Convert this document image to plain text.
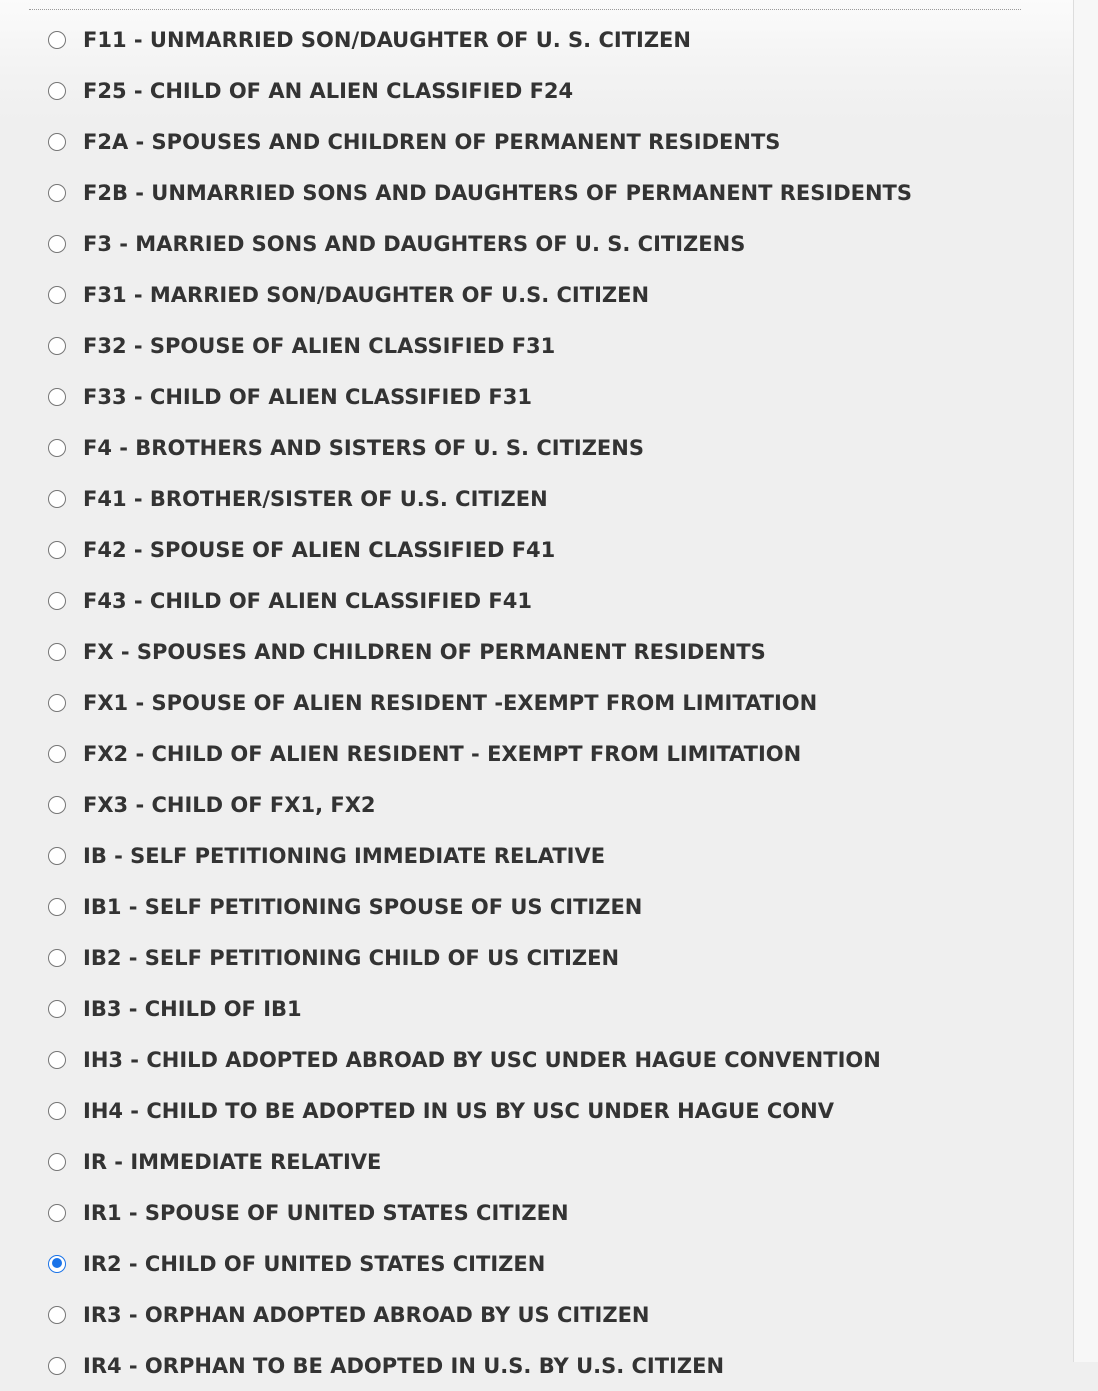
F11 - UNMARRIED SON/DAUGHTER OF U. S. CITIZEN
F25 - CHILD OF AN ALIEN CLASSIFIED F24
F2A - SPOUSES AND CHILDREN OF PERMANENT RESIDENTS
F2B - UNMARRIED SONS AND DAUGHTERS OF PERMANENT RESIDENTS
F3 - MARRIED SONS AND DAUGHTERS OF U. S. CITIZENS
F31 - MARRIED SON/DAUGHTER OF U.S. CITIZEN
F32 - SPOUSE OF ALIEN CLASSIFIED F31
F33 - CHILD OF ALIEN CLASSIFIED F31
F4 - BROTHERS AND SISTERS OF U. S. CITIZENS
F41 - BROTHER/SISTER OF U.S. CITIZEN
F42 - SPOUSE OF ALIEN CLASSIFIED F41
F43 - CHILD OF ALIEN CLASSIFIED F41
FX - SPOUSES AND CHILDREN OF PERMANENT RESIDENTS
FX1 - SPOUSE OF ALIEN RESIDENT -EXEMPT FROM LIMITATION
FX2 - CHILD OF ALIEN RESIDENT - EXEMPT FROM LIMITATION
FX3 - CHILD OF FX1, FX2
IB - SELF PETITIONING IMMEDIATE RELATIVE
IB1 - SELF PETITIONING SPOUSE OF US CITIZEN
IB2 - SELF PETITIONING CHILD OF US CITIZEN
IB3 - CHILD OF IB1
IH3 - CHILD ADOPTED ABROAD BY USC UNDER HAGUE CONVENTION
IH4 - CHILD TO BE ADOPTED IN US BY USC UNDER HAGUE CONV
IR - IMMEDIATE RELATIVE
IR1 - SPOUSE OF UNITED STATES CITIZEN
IR2 - CHILD OF UNITED STATES CITIZEN
IR3 - ORPHAN ADOPTED ABROAD BY US CITIZEN
IR4 - ORPHAN TO BE ADOPTED IN U.S. BY U.S. CITIZEN
